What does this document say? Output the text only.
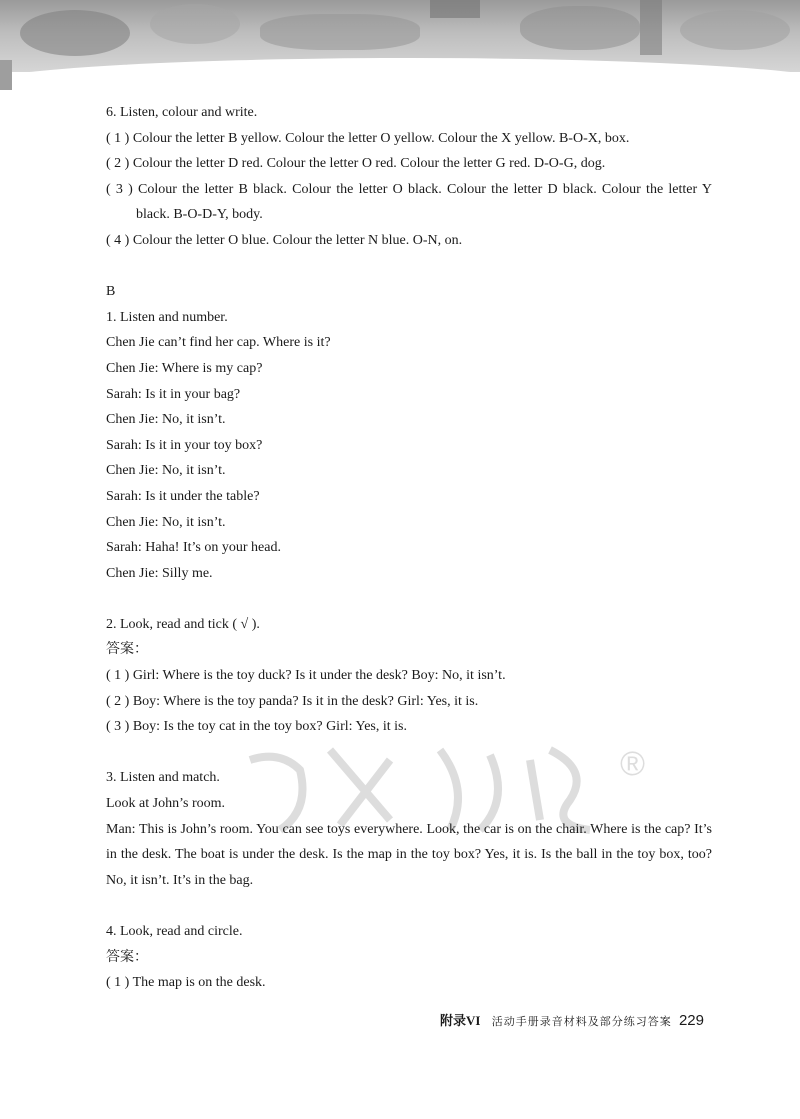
®
6. Listen, colour and write.
( 1 ) Colour the letter B yellow. Colour the letter O yellow. Colour the X yellow. B-O-X, box.
( 2 ) Colour the letter D red. Colour the letter O red. Colour the letter G red. D-O-G, dog.
( 3 ) Colour the letter B black. Colour the letter O black. Colour the letter D black. Colour the letter Y black. B-O-D-Y, body.
( 4 ) Colour the letter O blue. Colour the letter N blue. O-N, on.
B
1. Listen and number.
Chen Jie can’t find her cap. Where is it?
Chen Jie: Where is my cap?
Sarah: Is it in your bag?
Chen Jie: No, it isn’t.
Sarah: Is it in your toy box?
Chen Jie: No, it isn’t.
Sarah: Is it under the table?
Chen Jie: No, it isn’t.
Sarah: Haha! It’s on your head.
Chen Jie: Silly me.
2. Look, read and tick ( √ ).
答案：
( 1 ) Girl: Where is the toy duck? Is it under the desk? Boy: No, it isn’t.
( 2 ) Boy: Where is the toy panda? Is it in the desk? Girl: Yes, it is.
( 3 ) Boy: Is the toy cat in the toy box? Girl: Yes, it is.
3. Listen and match.
Look at John’s room.
Man: This is John’s room. You can see toys everywhere. Look, the car is on the chair. Where is the cap? It’s in the desk. The boat is under the desk. Is the map in the toy box? Yes, it is. Is the ball in the toy box, too? No, it isn’t. It’s in the bag.
4. Look, read and circle.
答案：
( 1 ) The map is on the desk.
附录VI 活动手册录音材料及部分练习答案 229
